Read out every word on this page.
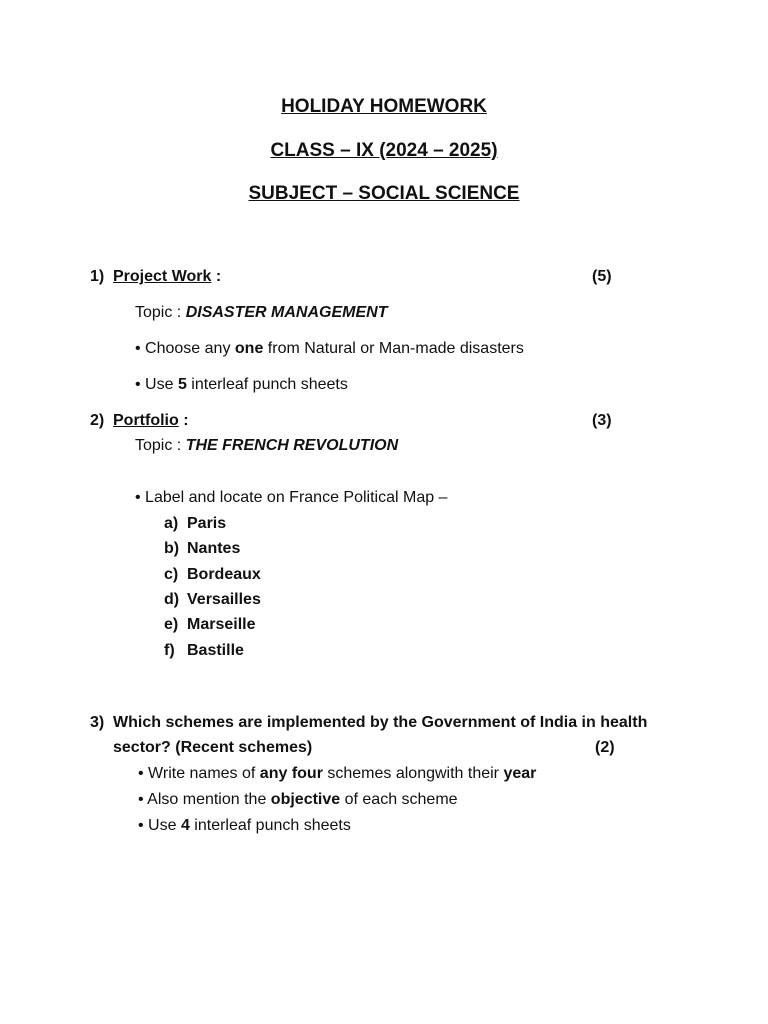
HOLIDAY HOMEWORK
CLASS – IX (2024 – 2025)
SUBJECT – SOCIAL SCIENCE
1) Project Work :	(5)
Topic : DISASTER MANAGEMENT
• Choose any one from Natural or Man-made disasters
• Use 5 interleaf punch sheets
2) Portfolio :	(3)
Topic : THE FRENCH REVOLUTION
• Label and locate on France Political Map –
a) Paris
b) Nantes
c) Bordeaux
d) Versailles
e) Marseille
f) Bastille
3) Which schemes are implemented by the Government of India in health
sector? (Recent schemes)	(2)
• Write names of any four schemes alongwith their year
• Also mention the objective of each scheme
• Use 4 interleaf punch sheets
